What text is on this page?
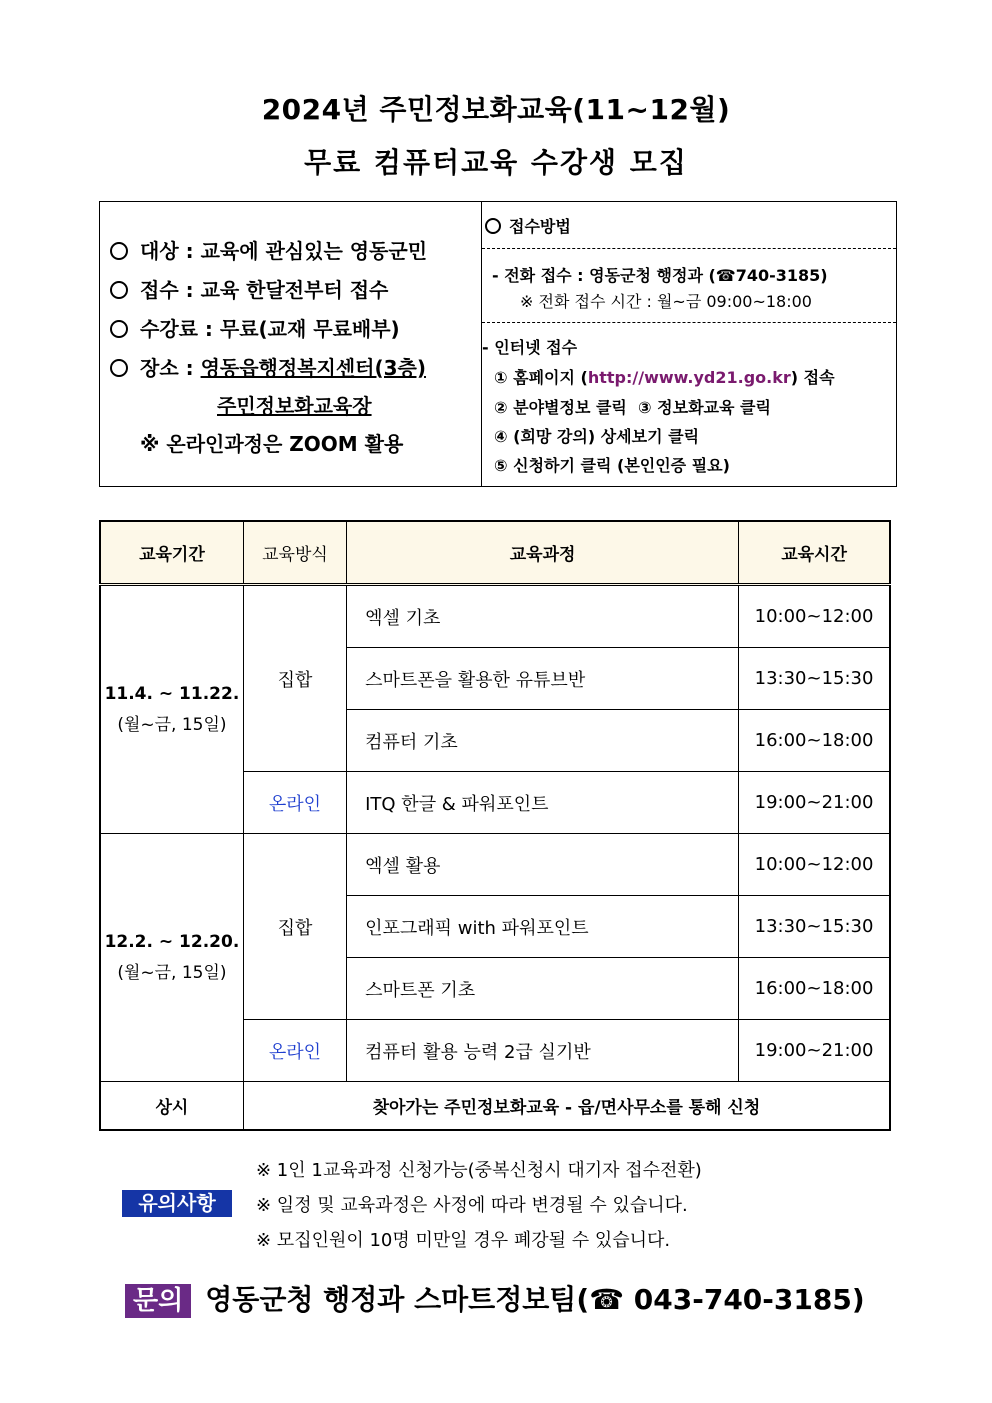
2024년 주민정보화교육(11~12월)
무료 컴퓨터교육 수강생 모집
대상 : 교육에 관심있는 영동군민
접수 : 교육 한달전부터 접수
수강료 : 무료(교재 무료배부)
장소 : 영동읍행정복지센터(3층)
주민정보화교육장
※ 온라인과정은 ZOOM 활용
접수방법
- 전화 접수 : 영동군청 행정과 (☎740-3185)
※ 전화 접수 시간 : 월~금 09:00~18:00
- 인터넷 접수
① 홈페이지 (http://www.yd21.go.kr) 접속
② 분야별정보 클릭 ③ 정보화교육 클릭
④ (희망 강의) 상세보기 클릭
⑤ 신청하기 클릭 (본인인증 필요)
교육기간	교육방식	교육과정	교육시간

11.4. ~ 11.22.
(월~금, 15일)	집합	엑셀 기초	10:00~12:00
		스마트폰을 활용한 유튜브반	13:30~15:30
		컴퓨터 기초	16:00~18:00
	온라인	ITQ 한글 & 파워포인트	19:00~21:00

12.2. ~ 12.20.
(월~금, 15일)	집합	엑셀 활용	10:00~12:00
		인포그래픽 with 파워포인트	13:30~15:30
		스마트폰 기초	16:00~18:00
	온라인	컴퓨터 활용 능력 2급 실기반	19:00~21:00
상시	찾아가는 주민정보화교육 - 읍/면사무소를 통해 신청		
※ 1인 1교육과정 신청가능(중복신청시 대기자 접수전환)
유의사항	※ 일정 및 교육과정은 사정에 따라 변경될 수 있습니다.
※ 모집인원이 10명 미만일 경우 폐강될 수 있습니다.
문의 영동군청 행정과 스마트정보팀(☎ 043-740-3185)
